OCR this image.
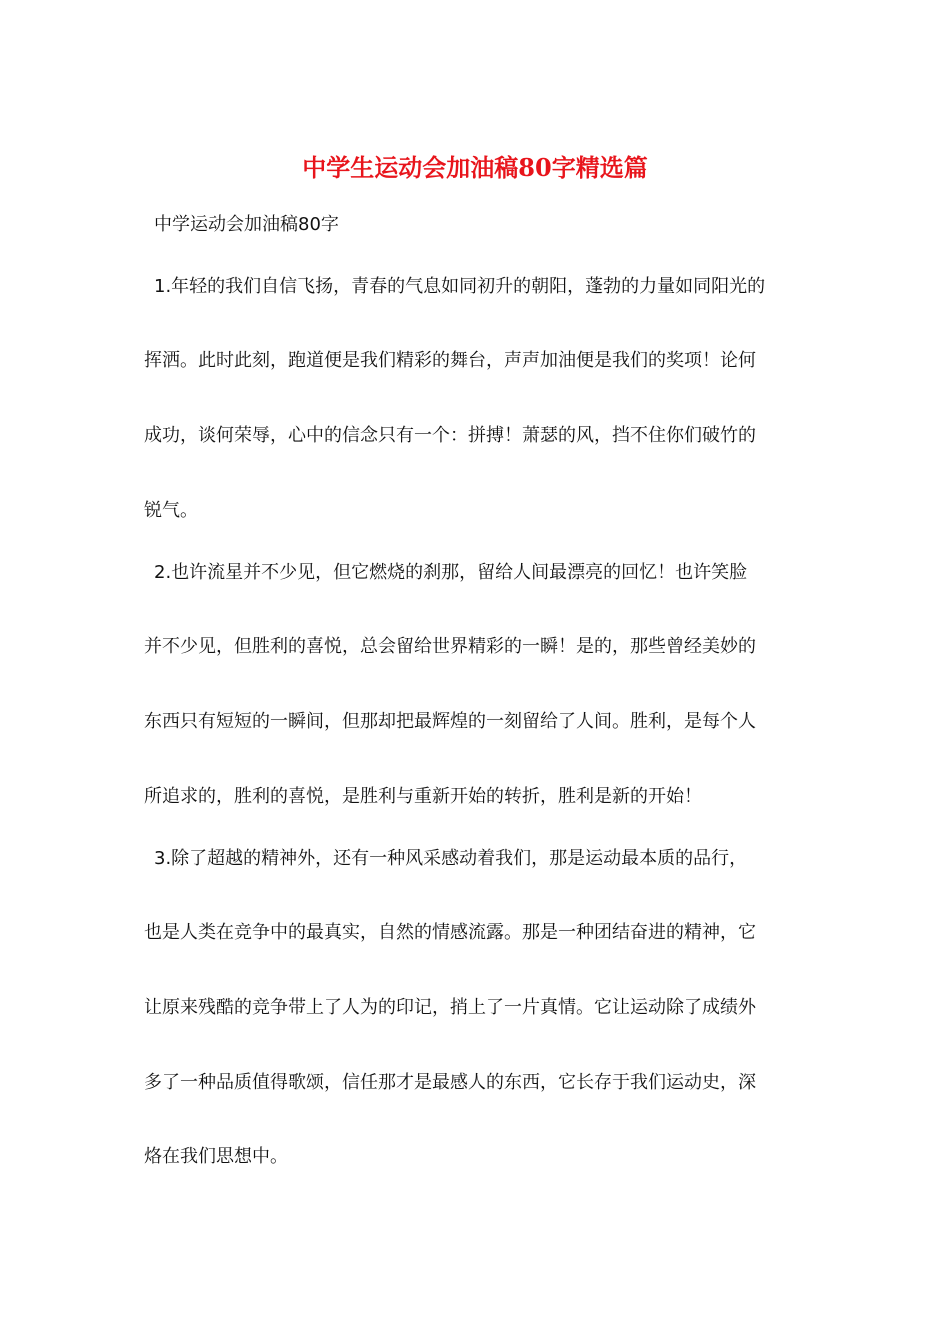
中学生运动会加油稿80字精选篇

中学运动会加油稿80字

1.年轻的我们自信飞扬，青春的气息如同初升的朝阳，蓬勃的力量如同阳光的

挥洒。此时此刻，跑道便是我们精彩的舞台，声声加油便是我们的奖项！论何

成功，谈何荣辱，心中的信念只有一个：拼搏！萧瑟的风，挡不住你们破竹的

锐气。

2.也许流星并不少见，但它燃烧的刹那，留给人间最漂亮的回忆！也许笑脸

并不少见，但胜利的喜悦，总会留给世界精彩的一瞬！是的，那些曾经美妙的

东西只有短短的一瞬间，但那却把最辉煌的一刻留给了人间。胜利，是每个人

所追求的，胜利的喜悦，是胜利与重新开始的转折，胜利是新的开始！

3.除了超越的精神外，还有一种风采感动着我们，那是运动最本质的品行，

也是人类在竞争中的最真实，自然的情感流露。那是一种团结奋进的精神，它

让原来残酷的竞争带上了人为的印记，捎上了一片真情。它让运动除了成绩外

多了一种品质值得歌颂，信任那才是最感人的东西，它长存于我们运动史，深

烙在我们思想中。
